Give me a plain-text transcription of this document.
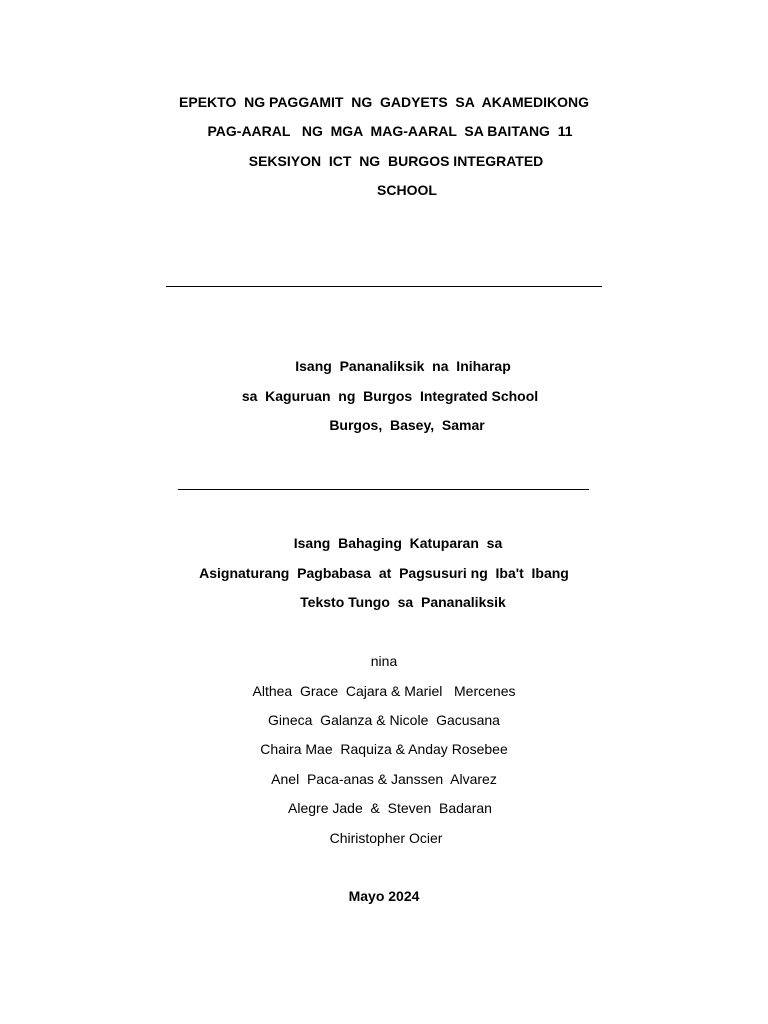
EPEKTO  NG PAGGAMIT  NG  GADYETS  SA  AKAMEDIKONG
PAG-AARAL   NG  MGA  MAG-AARAL  SA BAITANG  11
SEKSIYON  ICT  NG  BURGOS INTEGRATED
SCHOOL
Isang  Pananaliksik  na  Iniharap
sa  Kaguruan  ng  Burgos  Integrated School
Burgos,  Basey,  Samar
Isang  Bahaging  Katuparan  sa
Asignaturang  Pagbabasa  at  Pagsusuri ng  Iba't  Ibang
Teksto Tungo  sa  Pananaliksik
nina
Althea  Grace  Cajara & Mariel   Mercenes
Gineca  Galanza & Nicole  Gacusana
Chaira Mae  Raquiza & Anday Rosebee
Anel  Paca-anas & Janssen  Alvarez
Alegre Jade  &  Steven  Badaran
Chiristopher Ocier
Mayo 2024
